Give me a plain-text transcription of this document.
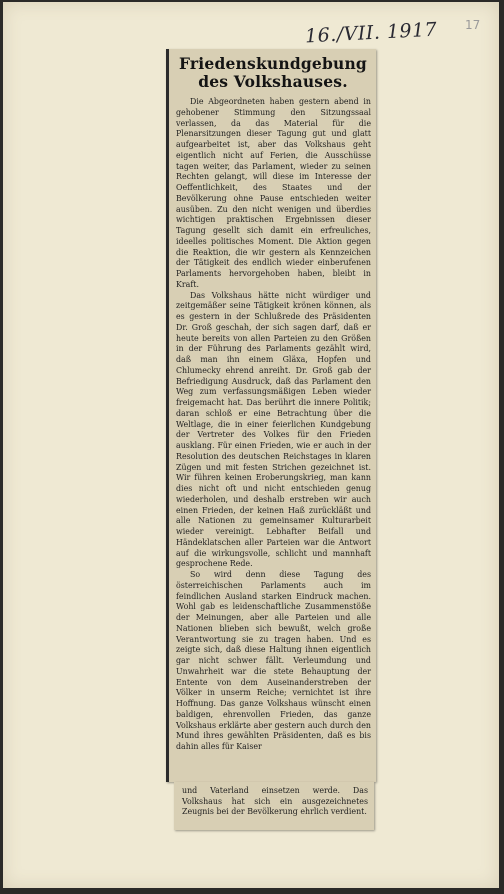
16./VII. 1917 17
Friedenskundgebung des Volkshauses.

Die Abgeordneten haben gestern abend in gehobener Stimmung den Sitzungssaal verlassen, da das Material für die Plenarsitzungen dieser Tagung gut und glatt aufgearbeitet ist, aber das Volkshaus geht eigentlich nicht auf Ferien, die Ausschüsse tagen weiter, das Parlament, wieder zu seinen Rechten gelangt, will diese im Interesse der Oeffentlichkeit, des Staates und der Bevölkerung ohne Pause entschieden weiter ausüben. Zu den nicht wenigen und überdies wichtigen praktischen Ergebnissen dieser Tagung gesellt sich damit ein erfreuliches, ideelles politisches Moment. Die Aktion gegen die Reaktion, die wir gestern als Kennzeichen der Tätigkeit des endlich wieder einberufenen Parlaments hervorgehoben haben, bleibt in Kraft.

Das Volkshaus hätte nicht würdiger und zeitgemäßer seine Tätigkeit krönen können, als es gestern in der Schlußrede des Präsidenten Dr. Groß geschah, der sich sagen darf, daß er heute bereits von allen Parteien zu den Größen in der Führung des Parlaments gezählt wird, daß man ihn einem Gläxa, Hopfen und Chlumecky ehrend anreiht. Dr. Groß gab der Befriedigung Ausdruck, daß das Parlament den Weg zum verfassungsmäßigen Leben wieder freigemacht hat. Das berührt die innere Politik; daran schloß er eine Betrachtung über die Weltlage, die in einer feierlichen Kundgebung der Vertreter des Volkes für den Frieden ausklang. Für einen Frieden, wie er auch in der Resolution des deutschen Reichstages in klaren Zügen und mit festen Strichen gezeichnet ist. Wir führen keinen Eroberungskrieg, man kann dies nicht oft und nicht entschieden genug wiederholen, und deshalb erstreben wir auch einen Frieden, der keinen Haß zurückläßt und alle Nationen zu gemeinsamer Kulturarbeit wieder vereinigt. Lebhafter Beifall und Händeklatschen aller Parteien war die Antwort auf die wirkungsvolle, schlicht und mannhaft gesprochene Rede.

So wird denn diese Tagung des österreichischen Parlaments auch im feindlichen Ausland starken Eindruck machen. Wohl gab es leidenschaftliche Zusammenstöße der Meinungen, aber alle Parteien und alle Nationen blieben sich bewußt, welch große Verantwortung sie zu tragen haben. Und es zeigte sich, daß diese Haltung ihnen eigentlich gar nicht schwer fällt. Verleumdung und Unwahrheit war die stete Behauptung der Entente von dem Auseinanderstreben der Völker in unserm Reiche; vernichtet ist ihre Hoffnung. Das ganze Volkshaus wünscht einen baldigen, ehrenvollen Frieden, das ganze Volkshaus erklärte aber gestern auch durch den Mund ihres gewählten Präsidenten, daß es bis dahin alles für Kaiser

und Vaterland einsetzen werde. Das Volkshaus hat sich ein ausgezeichnetes Zeugnis bei der Bevölkerung ehrlich verdient.
